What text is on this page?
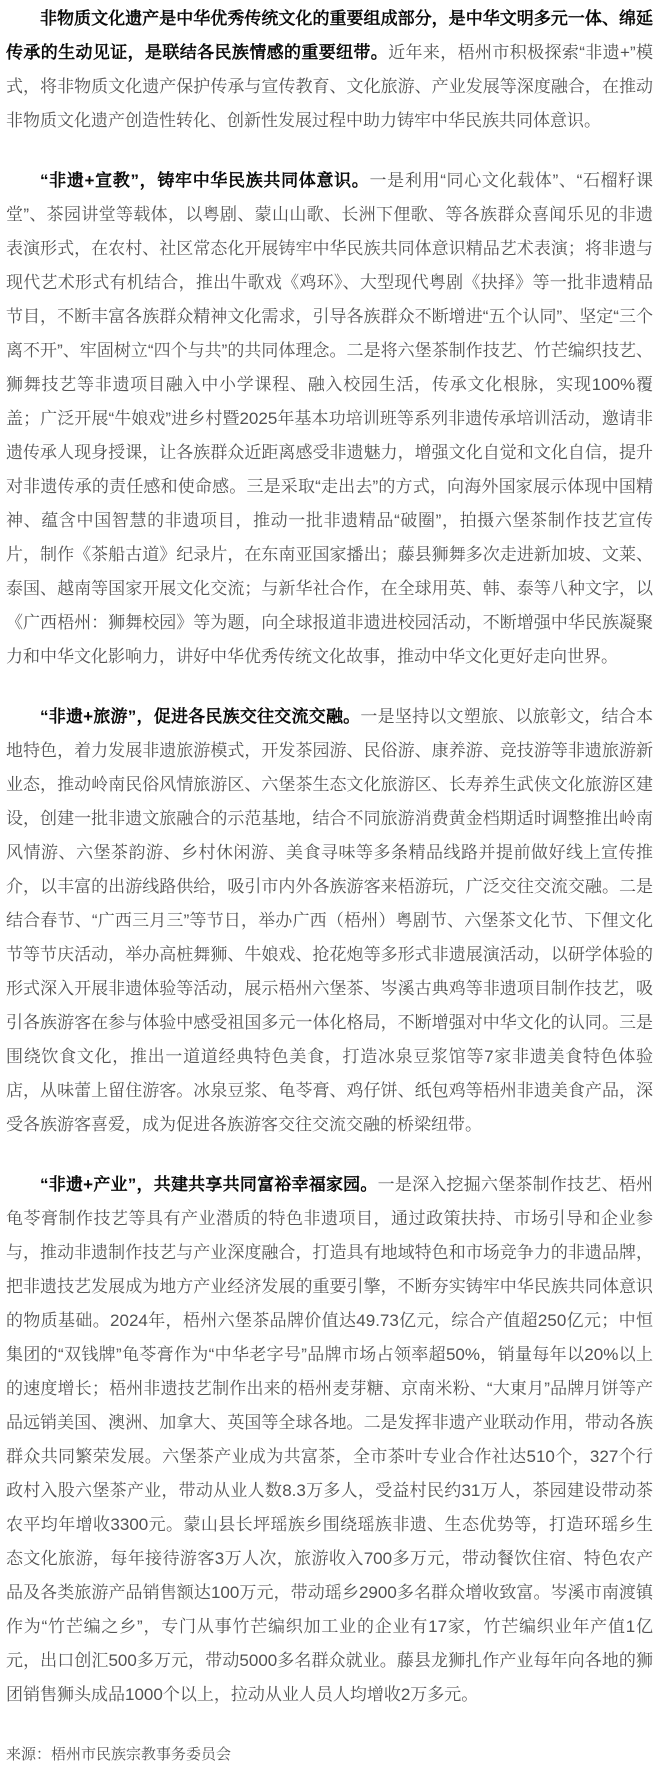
非物质文化遗产是中华优秀传统文化的重要组成部分，是中华文明多元一体、绵延传承的生动见证，是联结各民族情感的重要纽带。近年来，梧州市积极探索“非遗+”模式，将非物质文化遗产保护传承与宣传教育、文化旅游、产业发展等深度融合，在推动非物质文化遗产创造性转化、创新性发展过程中助力铸牢中华民族共同体意识。

“非遗+宣教”，铸牢中华民族共同体意识。一是利用“同心文化载体”、“石榴籽课堂”、茶园讲堂等载体，以粤剧、蒙山山歌、长洲下俚歌、等各族群众喜闻乐见的非遗表演形式，在农村、社区常态化开展铸牢中华民族共同体意识精品艺术表演；将非遗与现代艺术形式有机结合，推出牛歌戏《鸡环》、大型现代粤剧《抉择》等一批非遗精品节目，不断丰富各族群众精神文化需求，引导各族群众不断增进“五个认同”、坚定“三个离不开”、牢固树立“四个与共”的共同体理念。二是将六堡茶制作技艺、竹芒编织技艺、狮舞技艺等非遗项目融入中小学课程、融入校园生活，传承文化根脉，实现100%覆盖；广泛开展“牛娘戏”进乡村暨2025年基本功培训班等系列非遗传承培训活动，邀请非遗传承人现身授课，让各族群众近距离感受非遗魅力，增强文化自觉和文化自信，提升对非遗传承的责任感和使命感。三是采取“走出去”的方式，向海外国家展示体现中国精神、蕴含中国智慧的非遗项目，推动一批非遗精品“破圈”，拍摄六堡茶制作技艺宣传片，制作《茶船古道》纪录片，在东南亚国家播出；藤县狮舞多次走进新加坡、文莱、泰国、越南等国家开展文化交流；与新华社合作，在全球用英、韩、泰等八种文字，以《广西梧州：狮舞校园》等为题，向全球报道非遗进校园活动，不断增强中华民族凝聚力和中华文化影响力，讲好中华优秀传统文化故事，推动中华文化更好走向世界。

“非遗+旅游”，促进各民族交往交流交融。一是坚持以文塑旅、以旅彰文，结合本地特色，着力发展非遗旅游模式，开发茶园游、民俗游、康养游、竞技游等非遗旅游新业态，推动岭南民俗风情旅游区、六堡茶生态文化旅游区、长寿养生武侠文化旅游区建设，创建一批非遗文旅融合的示范基地，结合不同旅游消费黄金档期适时调整推出岭南风情游、六堡茶韵游、乡村休闲游、美食寻味等多条精品线路并提前做好线上宣传推介，以丰富的出游线路供给，吸引市内外各族游客来梧游玩，广泛交往交流交融。二是结合春节、“广西三月三”等节日，举办广西（梧州）粤剧节、六堡茶文化节、下俚文化节等节庆活动，举办高桩舞狮、牛娘戏、抢花炮等多形式非遗展演活动，以研学体验的形式深入开展非遗体验等活动，展示梧州六堡茶、岑溪古典鸡等非遗项目制作技艺，吸引各族游客在参与体验中感受祖国多元一体化格局，不断增强对中华文化的认同。三是围绕饮食文化，推出一道道经典特色美食，打造冰泉豆浆馆等7家非遗美食特色体验店，从味蕾上留住游客。冰泉豆浆、龟苓膏、鸡仔饼、纸包鸡等梧州非遗美食产品，深受各族游客喜爱，成为促进各族游客交往交流交融的桥梁纽带。

“非遗+产业”，共建共享共同富裕幸福家园。一是深入挖掘六堡茶制作技艺、梧州龟苓膏制作技艺等具有产业潜质的特色非遗项目，通过政策扶持、市场引导和企业参与，推动非遗制作技艺与产业深度融合，打造具有地域特色和市场竞争力的非遗品牌，把非遗技艺发展成为地方产业经济发展的重要引擎，不断夯实铸牢中华民族共同体意识的物质基础。2024年，梧州六堡茶品牌价值达49.73亿元，综合产值超250亿元；中恒集团的“双钱牌”龟苓膏作为“中华老字号”品牌市场占领率超50%，销量每年以20%以上的速度增长；梧州非遗技艺制作出来的梧州麦芽糖、京南米粉、“大東月”品牌月饼等产品远销美国、澳洲、加拿大、英国等全球各地。二是发挥非遗产业联动作用，带动各族群众共同繁荣发展。六堡茶产业成为共富茶，全市茶叶专业合作社达510个，327个行政村入股六堡茶产业，带动从业人数8.3万多人，受益村民约31万人，茶园建设带动茶农平均年增收3300元。蒙山县长坪瑶族乡围绕瑶族非遗、生态优势等，打造环瑶乡生态文化旅游，每年接待游客3万人次，旅游收入700多万元，带动餐饮住宿、特色农产品及各类旅游产品销售额达100万元，带动瑶乡2900多名群众增收致富。岑溪市南渡镇作为“竹芒编之乡”，专门从事竹芒编织加工业的企业有17家，竹芒编织业年产值1亿元，出口创汇500多万元，带动5000多名群众就业。藤县龙狮扎作产业每年向各地的狮团销售狮头成品1000个以上，拉动从业人员人均增收2万多元。

来源：梧州市民族宗教事务委员会
